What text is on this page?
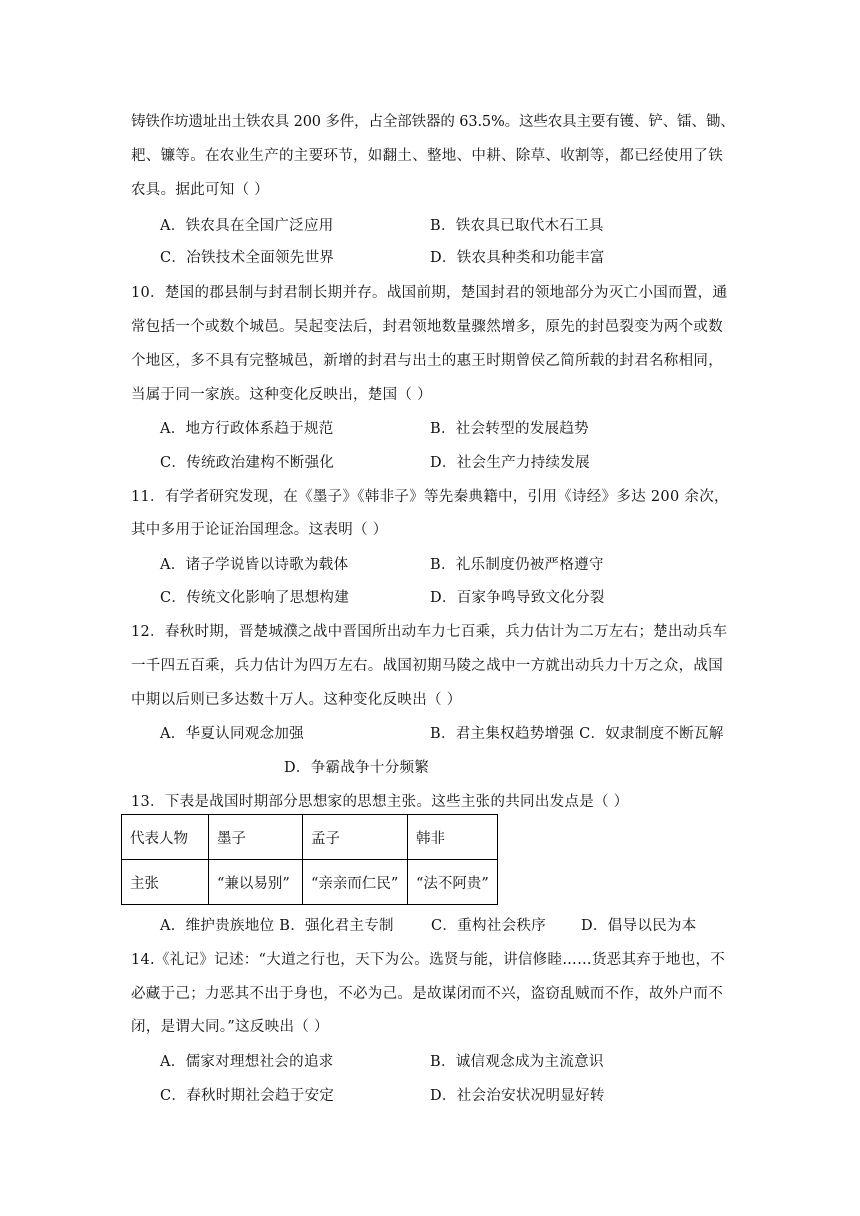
铸铁作坊遗址出土铁农具 200 多件，占全部铁器的 63.5%。这些农具主要有镬、铲、镭、锄、
耙、镰等。在农业生产的主要环节，如翻土、整地、中耕、除草、收割等，都已经使用了铁
农具。据此可知（ ）
A．铁农具在全国广泛应用	B．铁农具已取代木石工具
C．冶铁技术全面领先世界	D．铁农具种类和功能丰富
10．楚国的郡县制与封君制长期并存。战国前期，楚国封君的领地部分为灭亡小国而置，通
常包括一个或数个城邑。吴起变法后，封君领地数量骤然增多，原先的封邑裂变为两个或数
个地区，多不具有完整城邑，新增的封君与出土的惠王时期曾侯乙简所载的封君名称相同，
当属于同一家族。这种变化反映出，楚国（ ）
A．地方行政体系趋于规范	B．社会转型的发展趋势
C．传统政治建构不断强化	D．社会生产力持续发展
11．有学者研究发现，在《墨子》《韩非子》等先秦典籍中，引用《诗经》多达 200 余次，
其中多用于论证治国理念。这表明（ ）
A．诸子学说皆以诗歌为载体	B．礼乐制度仍被严格遵守
C．传统文化影响了思想构建	D．百家争鸣导致文化分裂
12．春秋时期，晋楚城濮之战中晋国所出动车力七百乘，兵力估计为二万左右；楚出动兵车
一千四五百乘，兵力估计为四万左右。战国初期马陵之战中一方就出动兵力十万之众，战国
中期以后则已多达数十万人。这种变化反映出（ ）
A．华夏认同观念加强	B．君主集权趋势增强 C．奴隶制度不断瓦解
D．争霸战争十分频繁
13．下表是战国时期部分思想家的思想主张。这些主张的共同出发点是（ ）
代表人物	墨子	孟子	韩非
主张	“兼以易别”	“亲亲而仁民”	“法不阿贵”
A．维护贵族地位 B．强化君主专制	C．重构社会秩序 D．倡导以民为本
14.《礼记》记述：“大道之行也，天下为公。选贤与能，讲信修睦……货恶其弃于地也，不
必藏于己；力恶其不出于身也，不必为己。是故谋闭而不兴，盗窃乱贼而不作，故外户而不
闭，是谓大同。”这反映出（ ）
A．儒家对理想社会的追求	B．诚信观念成为主流意识
C．春秋时期社会趋于安定	D．社会治安状况明显好转
